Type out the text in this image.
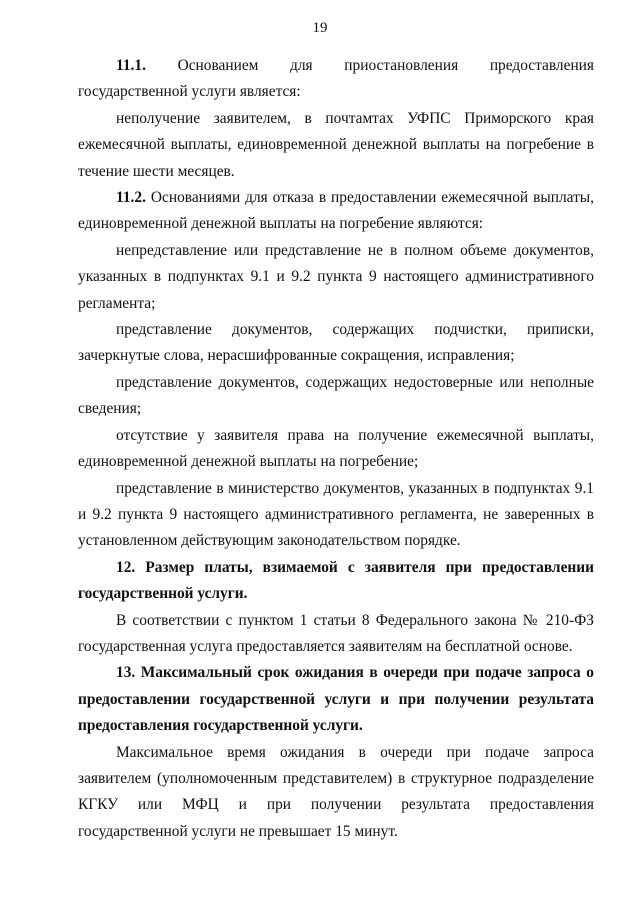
19

11.1. Основанием для приостановления предоставления государственной услуги является:

неполучение заявителем, в почтамтах УФПС Приморского края ежемесячной выплаты, единовременной денежной выплаты на погребение в течение шести месяцев.

11.2. Основаниями для отказа в предоставлении ежемесячной выплаты, единовременной денежной выплаты на погребение являются:

непредставление или представление не в полном объеме документов, указанных в подпунктах 9.1 и 9.2 пункта 9 настоящего административного регламента;

представление документов, содержащих подчистки, приписки, зачеркнутые слова, нерасшифрованные сокращения, исправления;

представление документов, содержащих недостоверные или неполные сведения;

отсутствие у заявителя права на получение ежемесячной выплаты, единовременной денежной выплаты на погребение;

представление в министерство документов, указанных в подпунктах 9.1 и 9.2 пункта 9 настоящего административного регламента, не заверенных в установленном действующим законодательством порядке.

12. Размер платы, взимаемой с заявителя при предоставлении государственной услуги.

В соответствии с пунктом 1 статьи 8 Федерального закона № 210-ФЗ государственная услуга предоставляется заявителям на бесплатной основе.

13. Максимальный срок ожидания в очереди при подаче запроса о предоставлении государственной услуги и при получении результата предоставления государственной услуги.

Максимальное время ожидания в очереди при подаче запроса заявителем (уполномоченным представителем) в структурное подразделение КГКУ или МФЦ и при получении результата предоставления государственной услуги не превышает 15 минут.
